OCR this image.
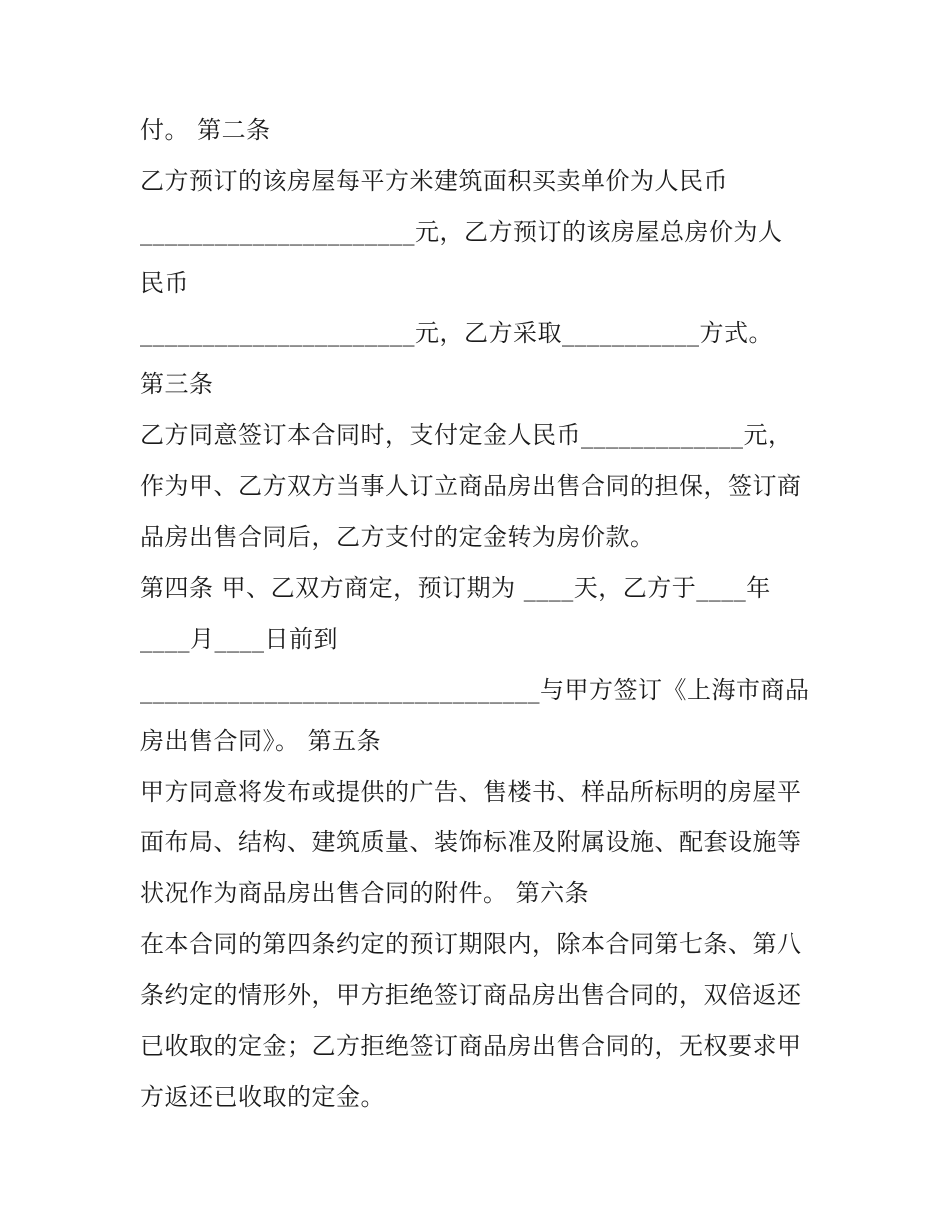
付。 第二条
乙方预订的该房屋每平方米建筑面积买卖单价为人民币
______________________元，乙方预订的该房屋总房价为人
民币
______________________元，乙方采取___________方式。
第三条
乙方同意签订本合同时，支付定金人民币_____________元，
作为甲、乙方双方当事人订立商品房出售合同的担保，签订商
品房出售合同后，乙方支付的定金转为房价款。
第四条 甲、乙双方商定，预订期为 ____天，乙方于____年
____月____日前到
________________________________与甲方签订《上海市商品
房出售合同》。 第五条
甲方同意将发布或提供的广告、售楼书、样品所标明的房屋平
面布局、结构、建筑质量、装饰标准及附属设施、配套设施等
状况作为商品房出售合同的附件。 第六条
在本合同的第四条约定的预订期限内，除本合同第七条、第八
条约定的情形外，甲方拒绝签订商品房出售合同的，双倍返还
已收取的定金；乙方拒绝签订商品房出售合同的，无权要求甲
方返还已收取的定金。
